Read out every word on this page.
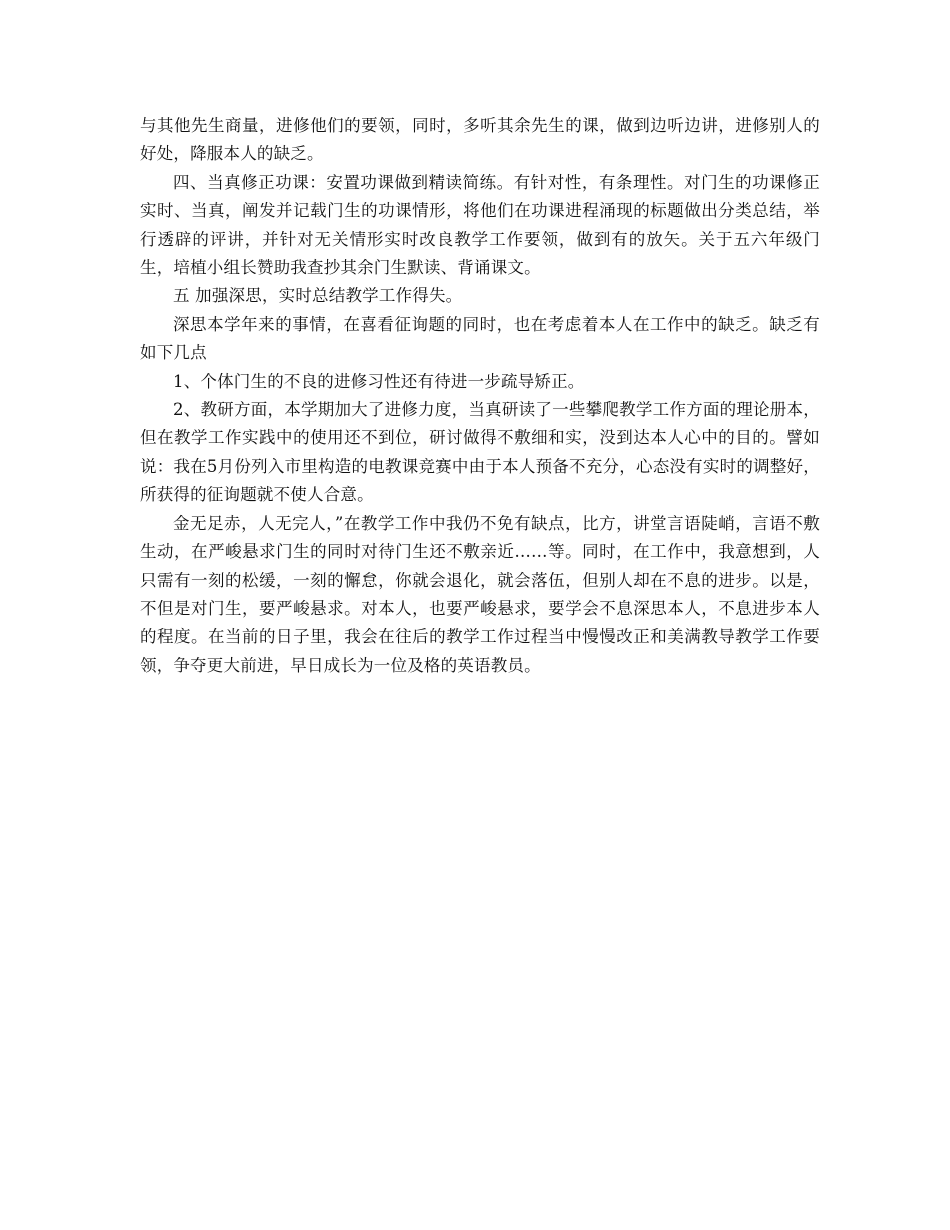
与其他先生商量，进修他们的要领，同时，多听其余先生的课，做到边听边讲，进修别人的好处，降服本人的缺乏。

四、当真修正功课：安置功课做到精读简练。有针对性，有条理性。对门生的功课修正实时、当真，阐发并记载门生的功课情形，将他们在功课进程涌现的标题做出分类总结，举行透辟的评讲，并针对无关情形实时改良教学工作要领，做到有的放矢。关于五六年级门生，培植小组长赞助我查抄其余门生默读、背诵课文。

五 加强深思，实时总结教学工作得失。

深思本学年来的事情，在喜看征询题的同时，也在考虑着本人在工作中的缺乏。缺乏有如下几点

1、个体门生的不良的进修习性还有待进一步疏导矫正。

2、教研方面，本学期加大了进修力度，当真研读了一些攀爬教学工作方面的理论册本，但在教学工作实践中的使用还不到位，研讨做得不敷细和实，没到达本人心中的目的。譬如说：我在5月份列入市里构造的电教课竞赛中由于本人预备不充分，心态没有实时的调整好，所获得的征询题就不使人合意。

金无足赤，人无完人，”在教学工作中我仍不免有缺点，比方，讲堂言语陡峭，言语不敷生动，在严峻悬求门生的同时对待门生还不敷亲近……等。同时，在工作中，我意想到，人只需有一刻的松缓，一刻的懈怠，你就会退化，就会落伍，但别人却在不息的进步。以是，不但是对门生，要严峻悬求。对本人，也要严峻悬求，要学会不息深思本人，不息进步本人的程度。在当前的日子里，我会在往后的教学工作过程当中慢慢改正和美满教导教学工作要领，争夺更大前进，早日成长为一位及格的英语教员。
